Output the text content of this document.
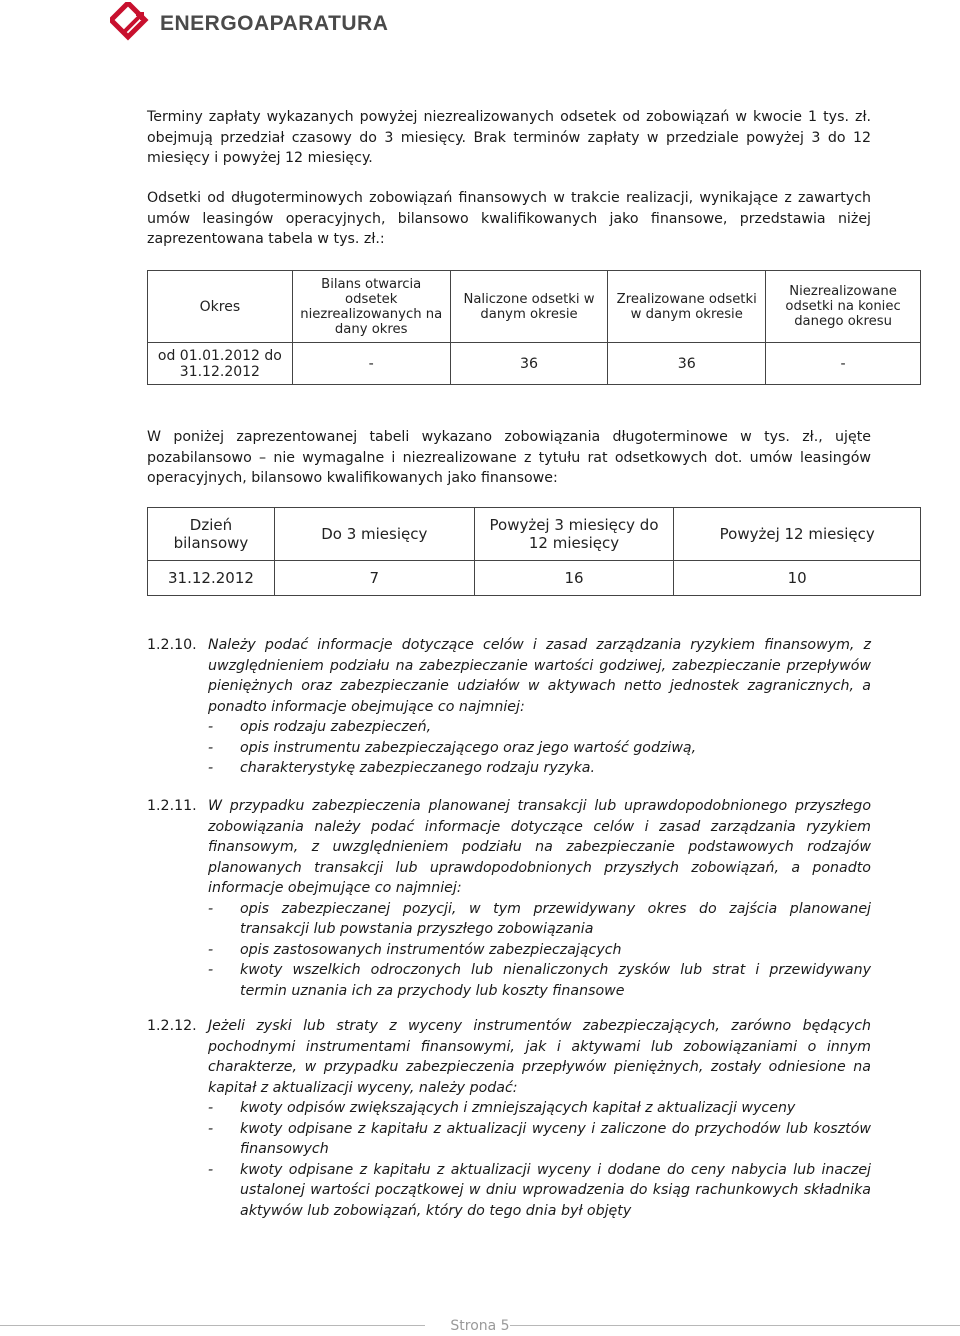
ENERGOAPARATURA

Terminy zapłaty wykazanych powyżej niezrealizowanych odsetek od zobowiązań w kwocie 1 tys. zł. obejmują przedział czasowy do 3 miesięcy. Brak terminów zapłaty w przedziale powyżej 3 do 12 miesięcy i powyżej 12 miesięcy.

Odsetki od długoterminowych zobowiązań finansowych w trakcie realizacji, wynikające z zawartych umów leasingów operacyjnych, bilansowo kwalifikowanych jako finansowe, przedstawia niżej zaprezentowana tabela w tys. zł.:

Okres	Bilans otwarcia odsetek niezrealizowanych na dany okres	Naliczone odsetki w danym okresie	Zrealizowane odsetki w danym okresie	Niezrealizowane odsetki na koniec danego okresu
od 01.01.2012 do 31.12.2012	-	36	36	-

W poniżej zaprezentowanej tabeli wykazano zobowiązania długoterminowe w tys. zł., ujęte pozabilansowo – nie wymagalne i niezrealizowane z tytułu rat odsetkowych dot. umów leasingów operacyjnych, bilansowo kwalifikowanych jako finansowe:

Dzień bilansowy	Do 3 miesięcy	Powyżej 3 miesięcy do 12 miesięcy	Powyżej 12 miesięcy
31.12.2012	7	16	10
1.2.10. Należy podać informacje dotyczące celów i zasad zarządzania ryzykiem finansowym, z uwzględnieniem podziału na zabezpieczanie wartości godziwej, zabezpieczanie przepływów pieniężnych oraz zabezpieczanie udziałów w aktywach netto jednostek zagranicznych, a ponadto informacje obejmujące co najmniej:
- opis rodzaju zabezpieczeń,
- opis instrumentu zabezpieczającego oraz jego wartość godziwą,
- charakterystykę zabezpieczanego rodzaju ryzyka.
1.2.11. W przypadku zabezpieczenia planowanej transakcji lub uprawdopodobnionego przyszłego zobowiązania należy podać informacje dotyczące celów i zasad zarządzania ryzykiem finansowym, z uwzględnieniem podziału na zabezpieczanie podstawowych rodzajów planowanych transakcji lub uprawdopodobnionych przyszłych zobowiązań, a ponadto informacje obejmujące co najmniej:
- opis zabezpieczanej pozycji, w tym przewidywany okres do zajścia planowanej transakcji lub powstania przyszłego zobowiązania
- opis zastosowanych instrumentów zabezpieczających
- kwoty wszelkich odroczonych lub nienaliczonych zysków lub strat i przewidywany termin uznania ich za przychody lub koszty finansowe
1.2.12. Jeżeli zyski lub straty z wyceny instrumentów zabezpieczających, zarówno będących pochodnymi instrumentami finansowymi, jak i aktywami lub zobowiązaniami o innym charakterze, w przypadku zabezpieczenia przepływów pieniężnych, zostały odniesione na kapitał z aktualizacji wyceny, należy podać:
- kwoty odpisów zwiększających i zmniejszających kapitał z aktualizacji wyceny
- kwoty odpisane z kapitału z aktualizacji wyceny i zaliczone do przychodów lub kosztów finansowych
- kwoty odpisane z kapitału z aktualizacji wyceny i dodane do ceny nabycia lub inaczej ustalonej wartości początkowej w dniu wprowadzenia do ksiąg rachunkowych składnika aktywów lub zobowiązań, który do tego dnia był objęty
Strona 5
